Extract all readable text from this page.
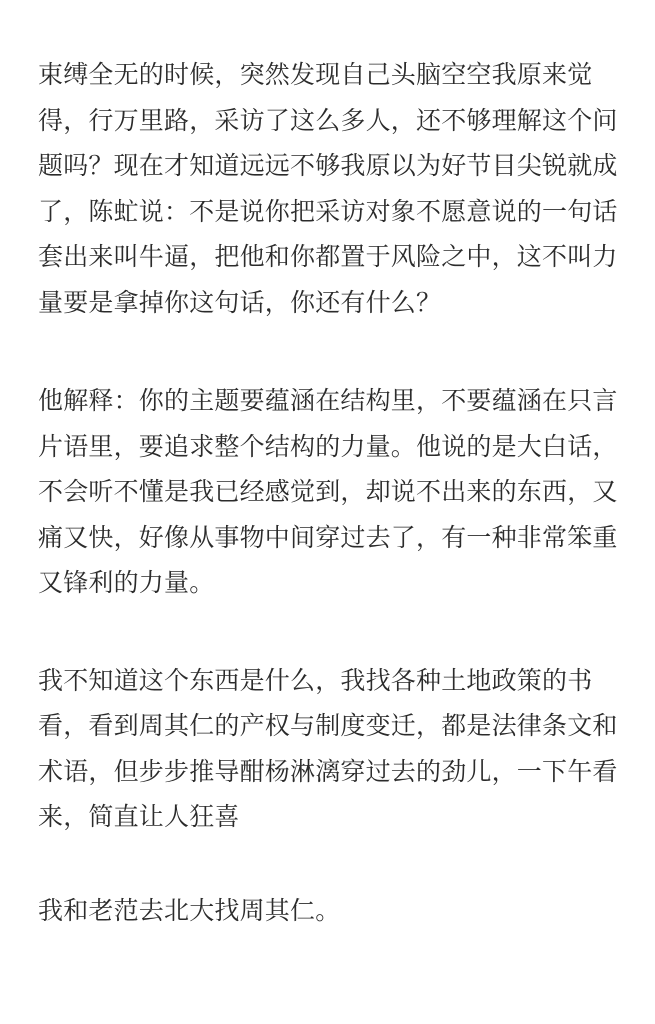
束缚全无的时候，突然发现自己头脑空空我原来觉得，行万里路，采访了这么多人，还不够理解这个问题吗？现在才知道远远不够我原以为好节目尖锐就成了，陈虻说：不是说你把采访对象不愿意说的一句话套出来叫牛逼，把他和你都置于风险之中，这不叫力量要是拿掉你这句话，你还有什么？

他解释：你的主题要蕴涵在结构里，不要蕴涵在只言片语里，要追求整个结构的力量。他说的是大白话，不会听不懂是我已经感觉到，却说不出来的东西，又痛又快，好像从事物中间穿过去了，有一种非常笨重又锋利的力量。

我不知道这个东西是什么，我找各种土地政策的书看，看到周其仁的产权与制度变迁，都是法律条文和术语，但步步推导酣杨淋漓穿过去的劲儿，一下午看来，简直让人狂喜

我和老范去北大找周其仁。
